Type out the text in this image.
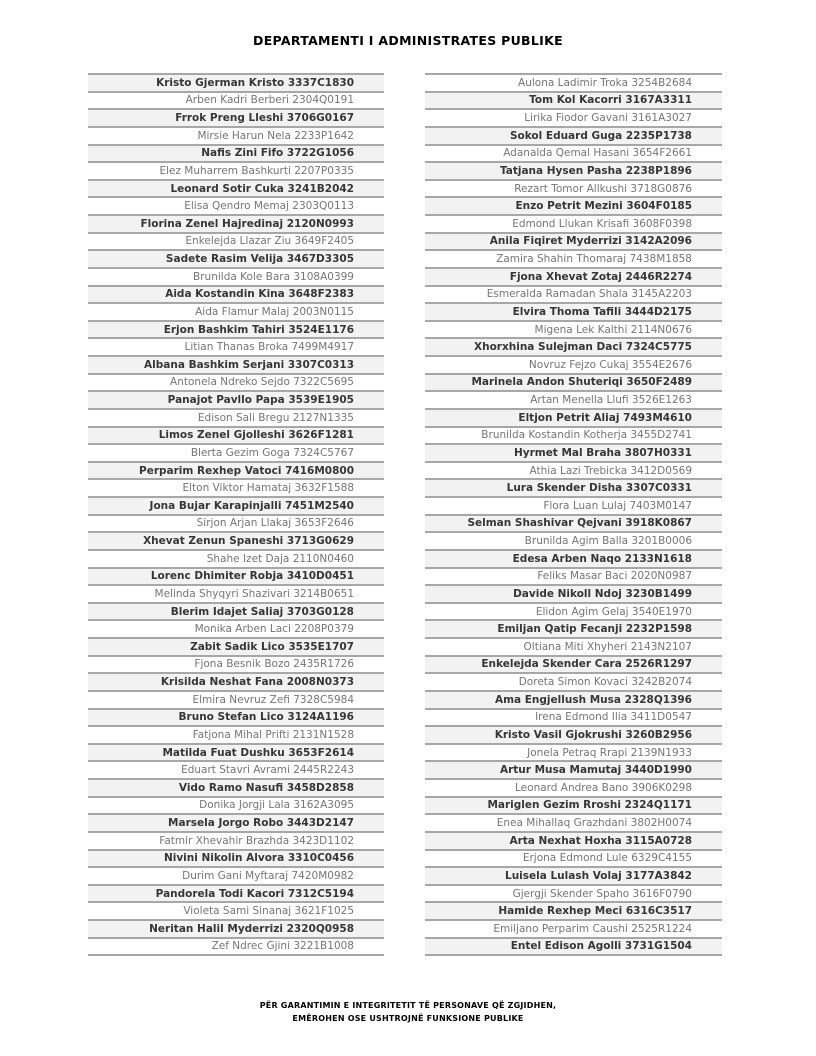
DEPARTAMENTI I ADMINISTRATES PUBLIKE
Kristo Gjerman Kristo 3337C1830
Arben Kadri Berberi 2304Q0191
Frrok Preng Lleshi 3706G0167
Mirsie Harun Nela 2233P1642
Nafis Zini Fifo 3722G1056
Elez Muharrem Bashkurti 2207P0335
Leonard Sotir Cuka 3241B2042
Elisa Qendro Memaj 2303Q0113
Florina Zenel Hajredinaj 2120N0993
Enkelejda Llazar Ziu 3649F2405
Sadete Rasim Velija 3467D3305
Brunilda Kole Bara 3108A0399
Aida Kostandin Kina 3648F2383
Aida Flamur Malaj 2003N0115
Erjon Bashkim Tahiri 3524E1176
Litian Thanas Broka 7499M4917
Albana Bashkim Serjani 3307C0313
Antonela Ndreko Sejdo 7322C5695
Panajot Pavllo Papa 3539E1905
Edison Sali Bregu 2127N1335
Limos Zenel Gjolleshi 3626F1281
Blerta Gezim Goga 7324C5767
Perparim Rexhep Vatoci 7416M0800
Elton Viktor Hamataj 3632F1588
Jona Bujar Karapinjalli 7451M2540
Sirjon Arjan Llakaj 3653F2646
Xhevat Zenun Spaneshi 3713G0629
Shahe Izet Daja 2110N0460
Lorenc Dhimiter Robja 3410D0451
Melinda Shyqyri Shazivari 3214B0651
Blerim Idajet Saliaj 3703G0128
Monika Arben Laci 2208P0379
Zabit Sadik Lico 3535E1707
Fjona Besnik Bozo 2435R1726
Krisilda Neshat Fana 2008N0373
Elmira Nevruz Zefi 7328C5984
Bruno Stefan Lico 3124A1196
Fatjona Mihal Prifti 2131N1528
Matilda Fuat Dushku 3653F2614
Eduart Stavri Avrami 2445R2243
Vido Ramo Nasufi 3458D2858
Donika Jorgji Lala 3162A3095
Marsela Jorgo Robo 3443D2147
Fatmir Xhevahir Brazhda 3423D1102
Nivini Nikolin Alvora 3310C0456
Durim Gani Myftaraj 7420M0982
Pandorela Todi Kacori 7312C5194
Violeta Sami Sinanaj 3621F1025
Neritan Halil Myderrizi 2320Q0958
Zef Ndrec Gjini 3221B1008
Aulona Ladimir Troka 3254B2684
Tom Kol Kacorri 3167A3311
Lirika Fiodor Gavani 3161A3027
Sokol Eduard Guga 2235P1738
Adanalda Qemal Hasani 3654F2661
Tatjana Hysen Pasha 2238P1896
Rezart Tomor Allkushi 3718G0876
Enzo Petrit Mezini 3604F0185
Edmond Llukan Krisafi 3608F0398
Anila Fiqiret Myderrizi 3142A2096
Zamira Shahin Thomaraj 7438M1858
Fjona Xhevat Zotaj 2446R2274
Esmeralda Ramadan Shala 3145A2203
Elvira Thoma Tafili 3444D2175
Migena Lek Kalthi 2114N0676
Xhorxhina Sulejman Daci 7324C5775
Novruz Fejzo Cukaj 3554E2676
Marinela Andon Shuteriqi 3650F2489
Artan Menella Llufi 3526E1263
Eltjon Petrit Aliaj 7493M4610
Brunilda Kostandin Kotherja 3455D2741
Hyrmet Mal Braha 3807H0331
Athia Lazi Trebicka 3412D0569
Lura Skender Disha 3307C0331
Flora Luan Lulaj 7403M0147
Selman Shashivar Qejvani 3918K0867
Brunilda Agim Balla 3201B0006
Edesa Arben Naqo 2133N1618
Feliks Masar Baci 2020N0987
Davide Nikoll Ndoj 3230B1499
Elidon Agim Gelaj 3540E1970
Emiljan Qatip Fecanji 2232P1598
Oltiana Miti Xhyheri 2143N2107
Enkelejda Skender Cara 2526R1297
Doreta Simon Kovaci 3242B2074
Ama Engjellush Musa 2328Q1396
Irena Edmond Ilia 3411D0547
Kristo Vasil Gjokrushi 3260B2956
Jonela Petraq Rrapi 2139N1933
Artur Musa Mamutaj 3440D1990
Leonard Andrea Bano 3906K0298
Mariglen Gezim Rroshi 2324Q1171
Enea Mihallaq Grazhdani 3802H0074
Arta Nexhat Hoxha 3115A0728
Erjona Edmond Lule 6329C4155
Luisela Lulash Volaj 3177A3842
Gjergji Skender Spaho 3616F0790
Hamide Rexhep Meci 6316C3517
Emiljano Perparim Caushi 2525R1224
Entel Edison Agolli 3731G1504
PËR GARANTIMIN E INTEGRITETIT TË PERSONAVE QË ZGJIDHEN,
EMËROHEN OSE USHTROJNË FUNKSIONE PUBLIKE
